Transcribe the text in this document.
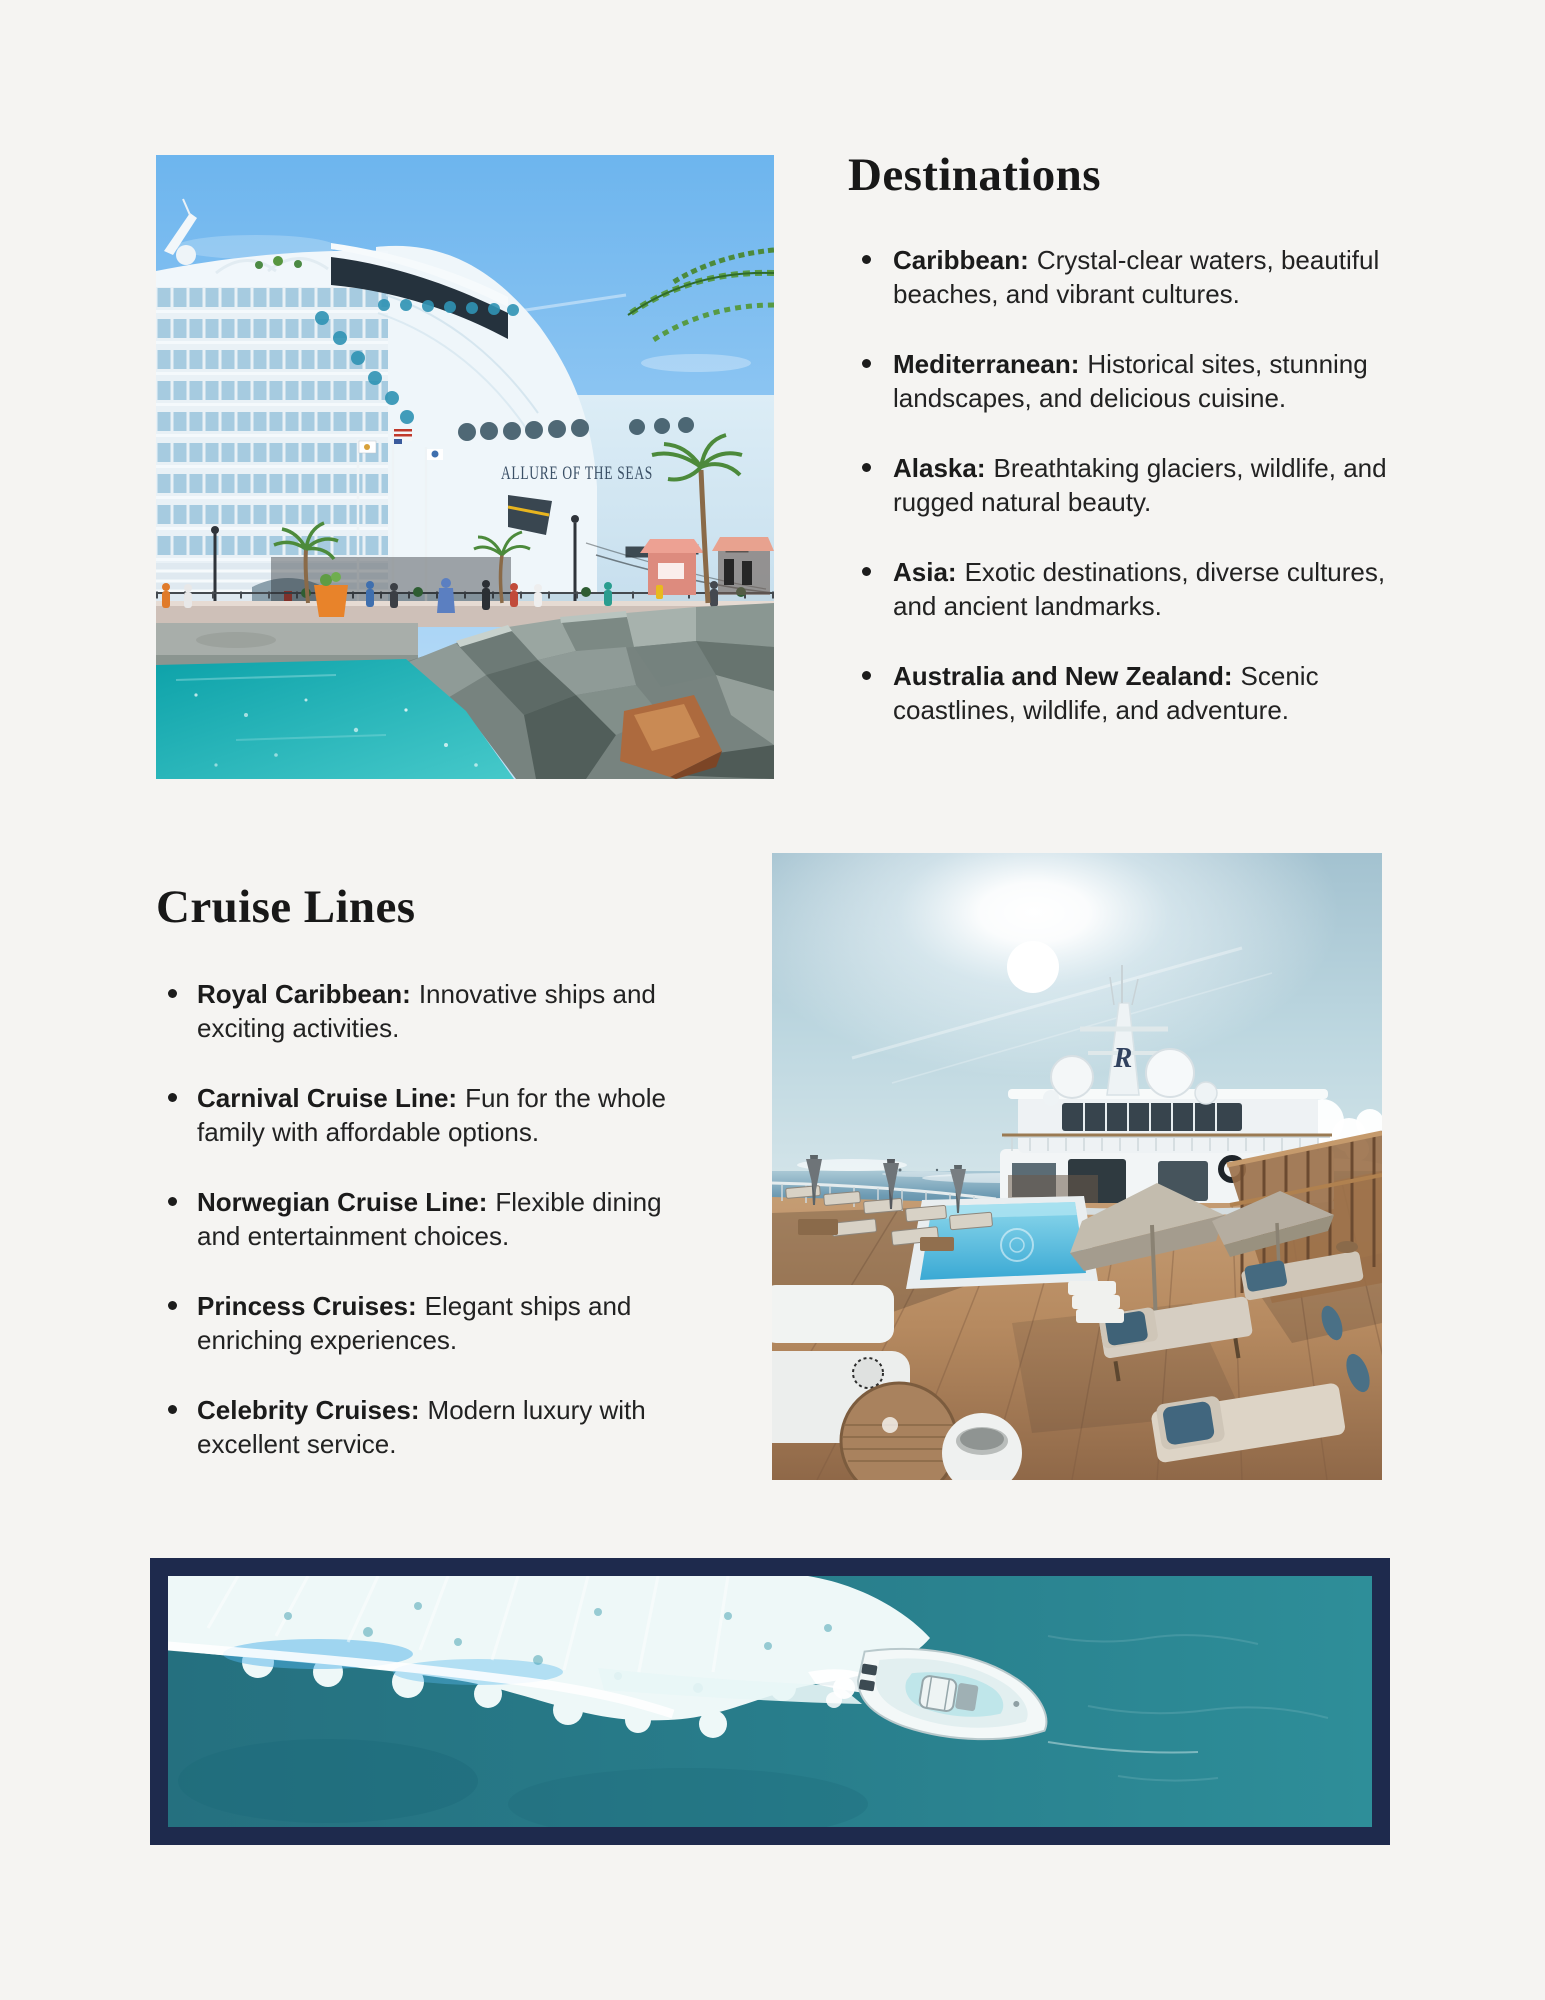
ALLURE OF THE SEAS
Destinations
Caribbean: Crystal-clear waters, beautiful beaches, and vibrant cultures.
Mediterranean: Historical sites, stunning landscapes, and delicious cuisine.
Alaska: Breathtaking glaciers, wildlife, and rugged natural beauty.
Asia: Exotic destinations, diverse cultures, and ancient landmarks.
Australia and New Zealand: Scenic coastlines, wildlife, and adventure.
Cruise Lines
Royal Caribbean: Innovative ships and exciting activities.
Carnival Cruise Line: Fun for the whole family with affordable options.
Norwegian Cruise Line: Flexible dining and entertainment choices.
Princess Cruises: Elegant ships and enriching experiences.
Celebrity Cruises: Modern luxury with excellent service.
R
